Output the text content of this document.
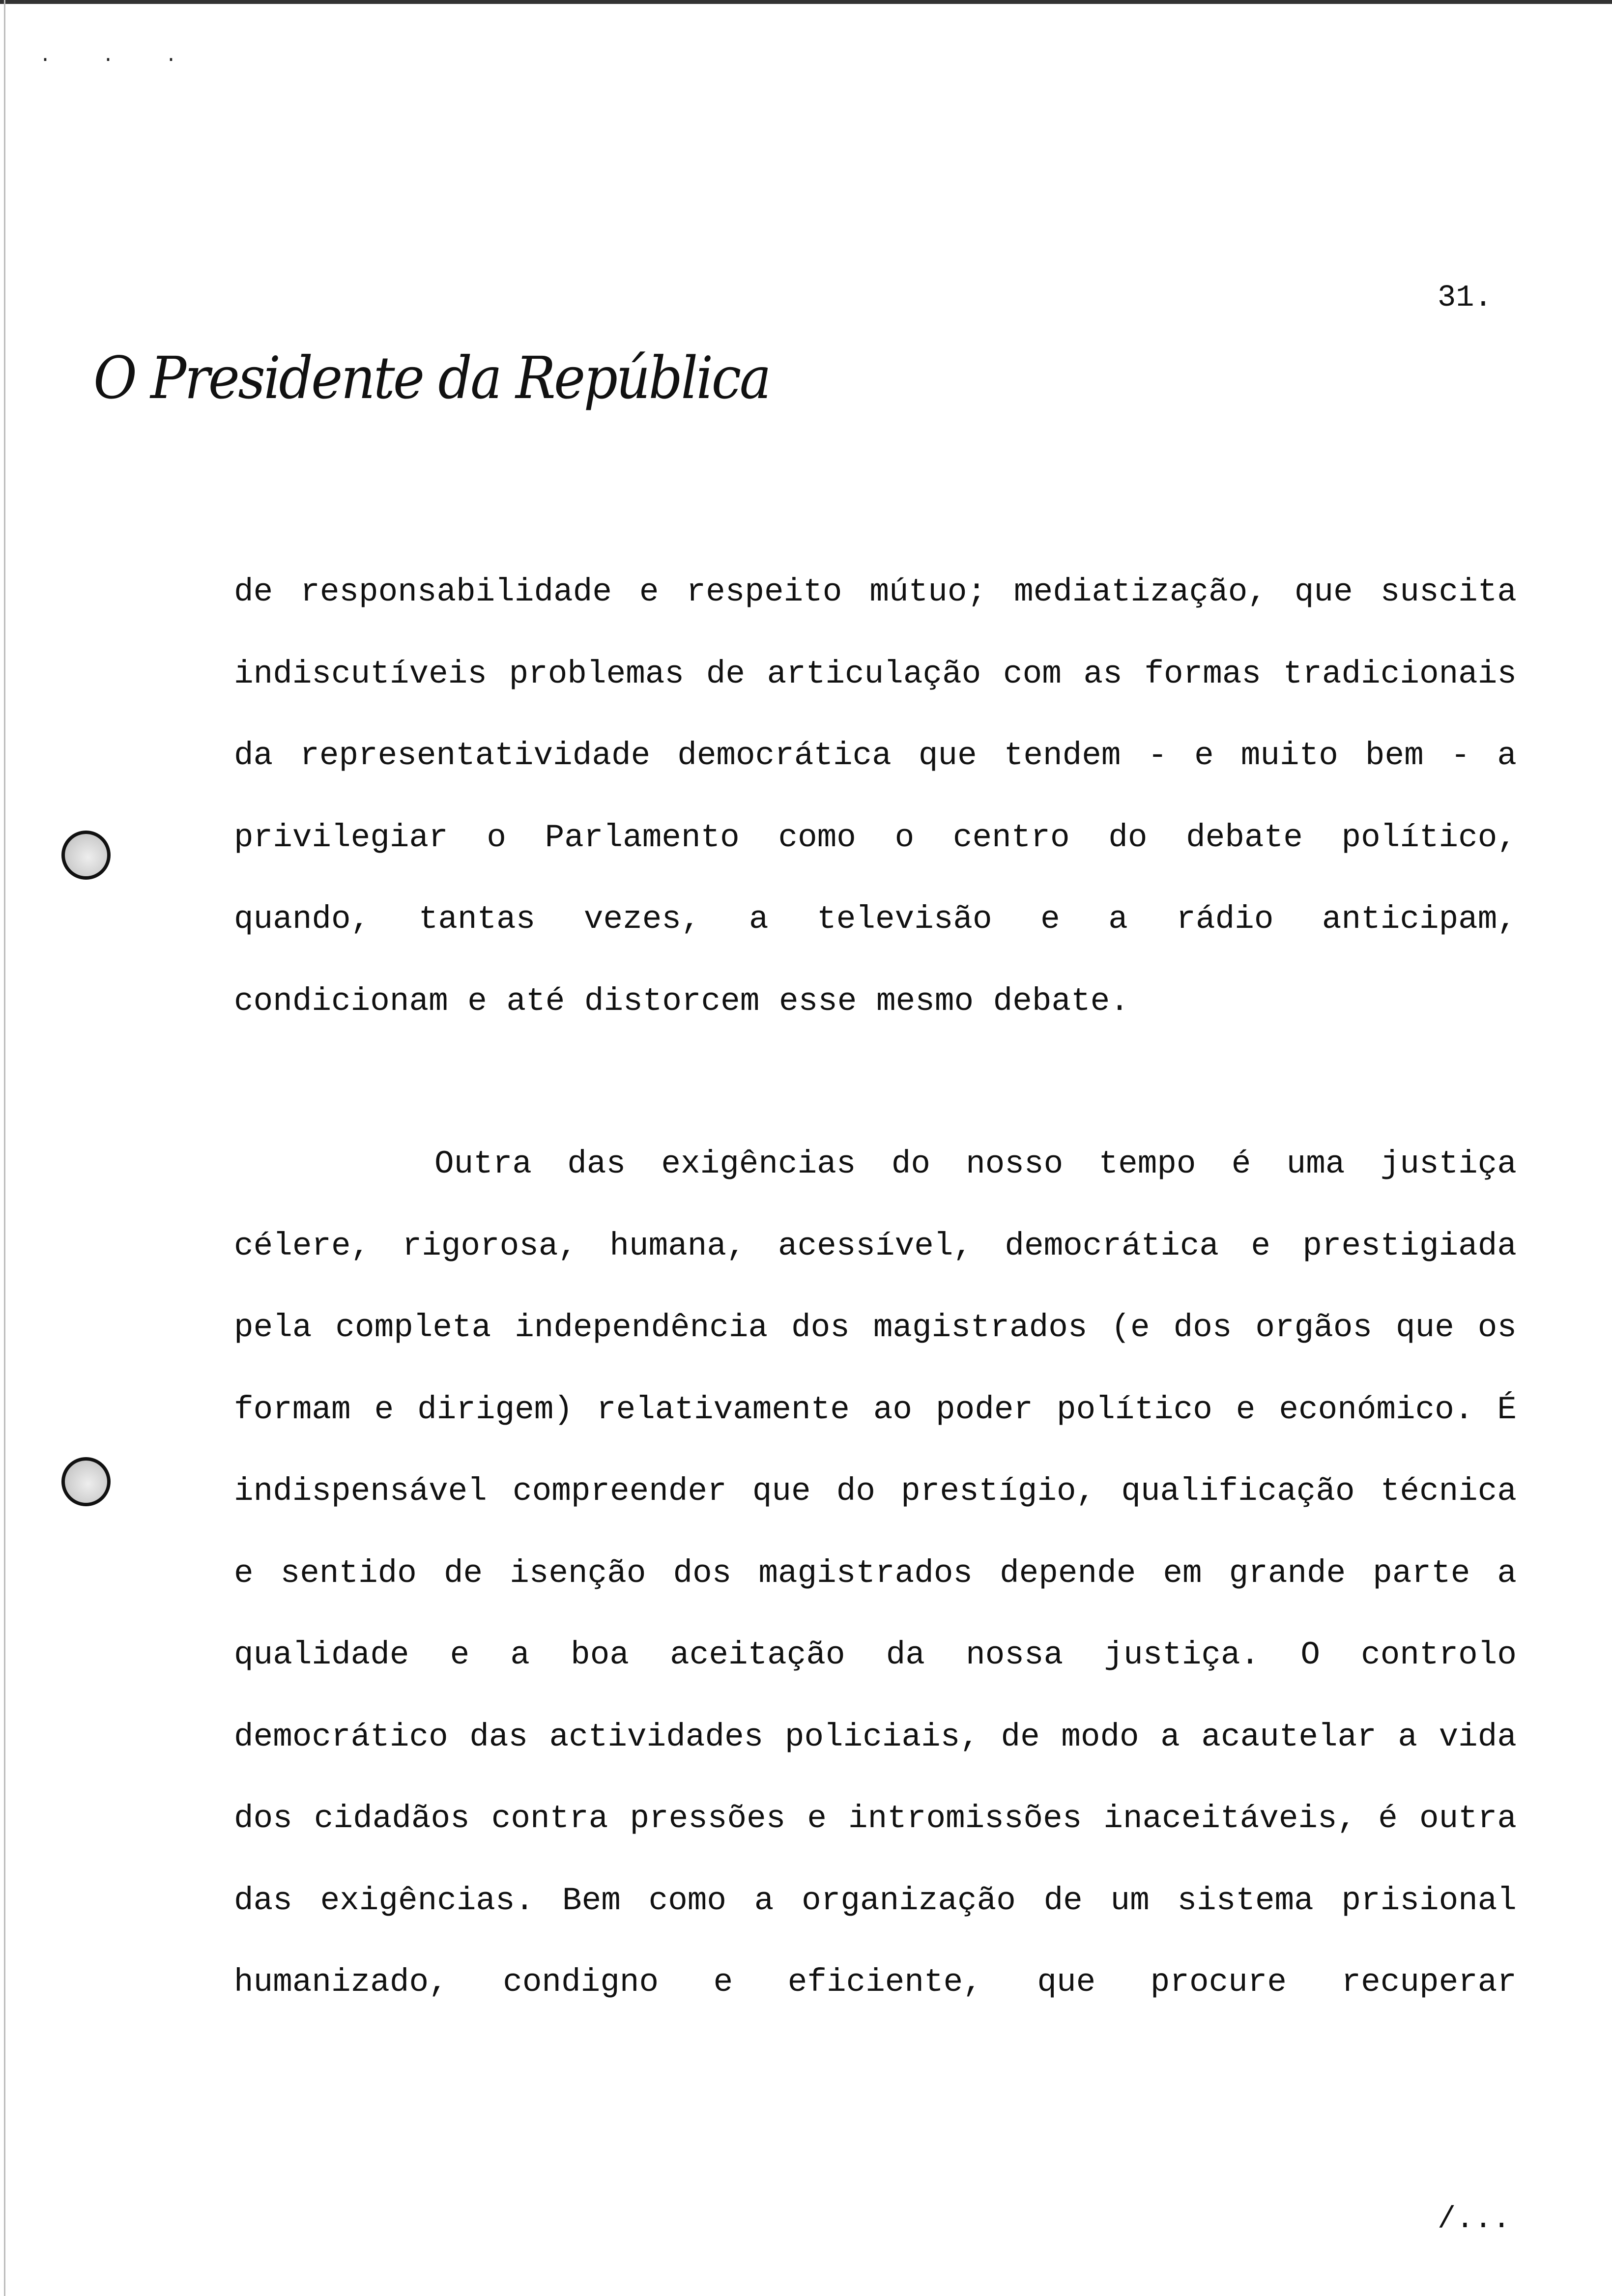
· · ·
31.
O Presidente da República
de responsabilidade e respeito mútuo; mediatização, que suscita
indiscutíveis problemas de articulação com as formas tradicionais
da representatividade democrática que tendem - e muito bem - a
privilegiar o Parlamento como o centro do debate político,
quando, tantas vezes, a televisão e a rádio anticipam,
condicionam e até distorcem esse mesmo debate.
Outra das exigências do nosso tempo é uma justiça
célere, rigorosa, humana, acessível, democrática e prestigiada
pela completa independência dos magistrados (e dos orgãos que os
formam e dirigem) relativamente ao poder político e económico. É
indispensável compreender que do prestígio, qualificação técnica
e sentido de isenção dos magistrados depende em grande parte a
qualidade e a boa aceitação da nossa justiça. O controlo
democrático das actividades policiais, de modo a acautelar a vida
dos cidadãos contra pressões e intromissões inaceitáveis, é outra
das exigências. Bem como a organização de um sistema prisional
humanizado, condigno e eficiente, que procure recuperar
/...
